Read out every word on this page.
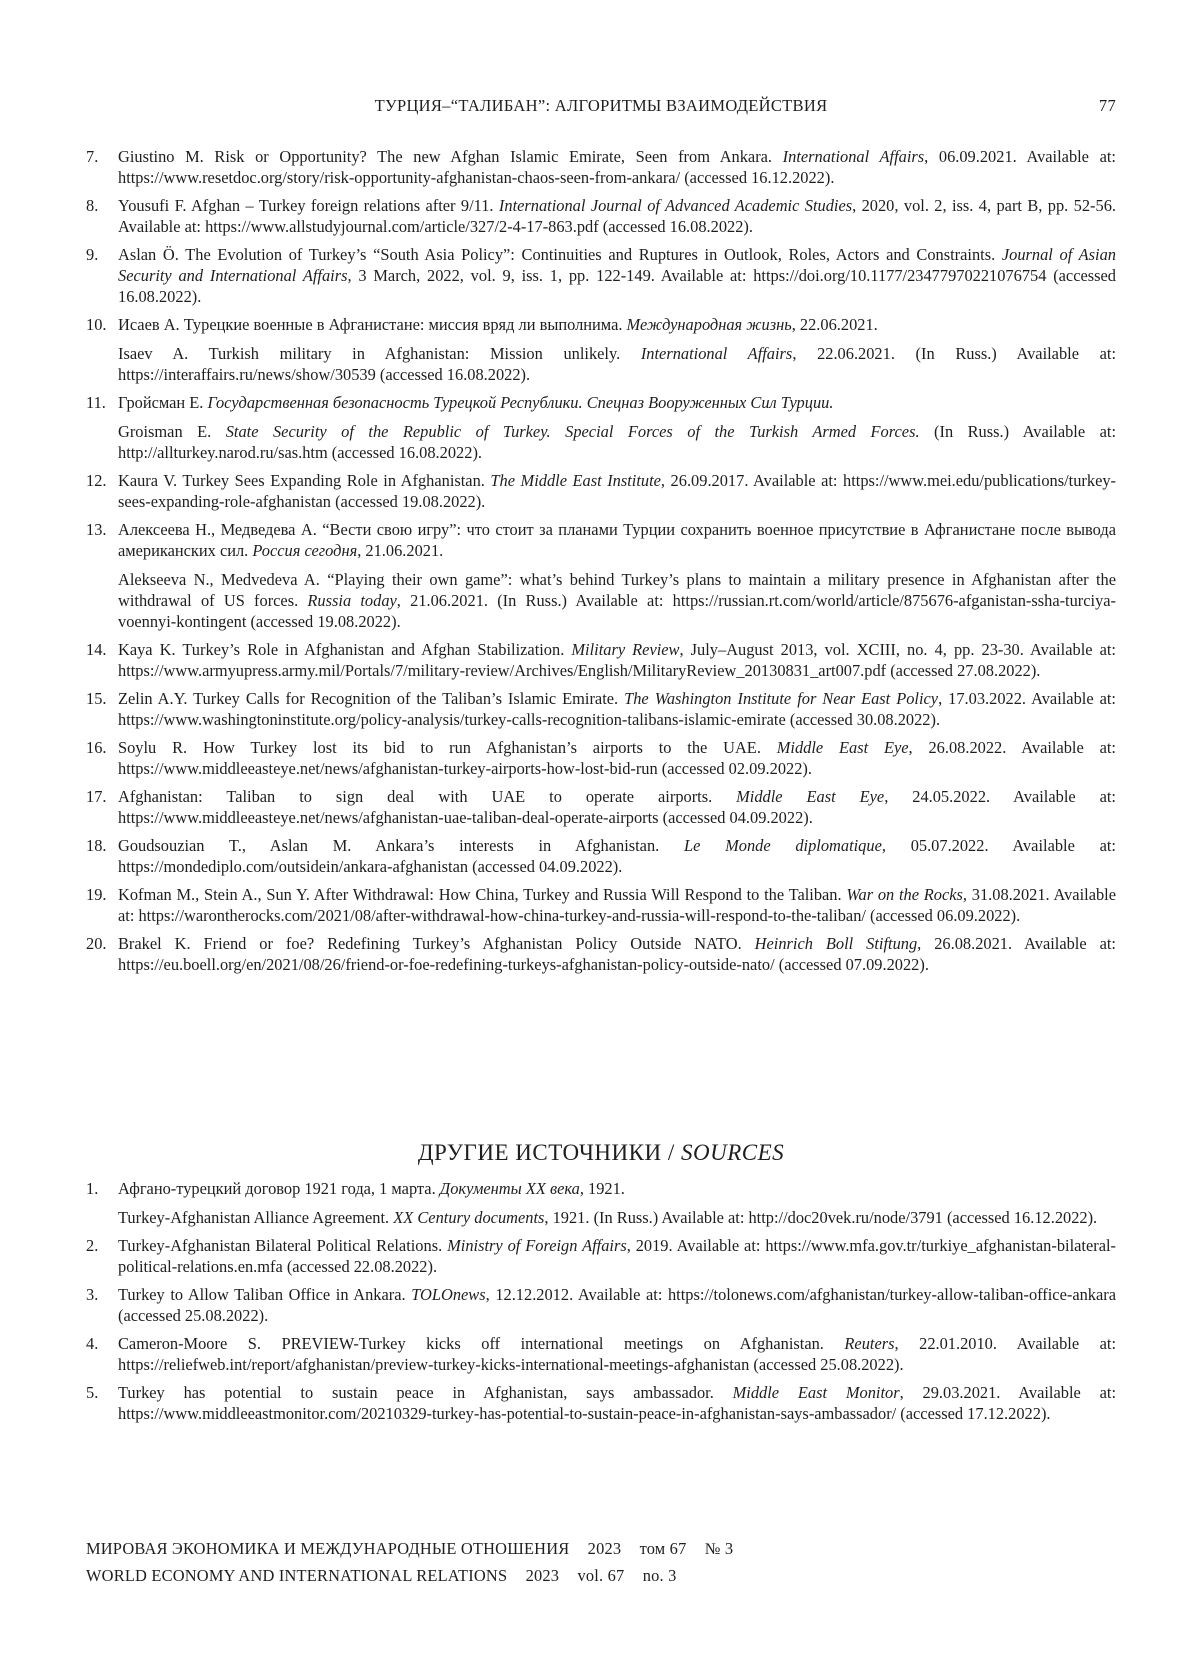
ТУРЦИЯ–“ТАЛИБАН”: АЛГОРИТМЫ ВЗАИМОДЕЙСТВИЯ	77
7. Giustino M. Risk or Opportunity? The new Afghan Islamic Emirate, Seen from Ankara. International Affairs, 06.09.2021. Available at: https://www.resetdoc.org/story/risk-opportunity-afghanistan-chaos-seen-from-ankara/ (accessed 16.12.2022).

8. Yousufi F. Afghan – Turkey foreign relations after 9/11. International Journal of Advanced Academic Studies, 2020, vol. 2, iss. 4, part B, pp. 52-56. Available at: https://www.allstudyjournal.com/article/327/2-4-17-863.pdf (accessed 16.08.2022).

9. Aslan Ö. The Evolution of Turkey’s “South Asia Policy”: Continuities and Ruptures in Outlook, Roles, Actors and Constraints. Journal of Asian Security and International Affairs, 3 March, 2022, vol. 9, iss. 1, pp. 122-149. Available at: https://doi.org/10.1177/23477970221076754 (accessed 16.08.2022).

10. Исаев А. Турецкие военные в Афганистане: миссия вряд ли выполнима. Международная жизнь, 22.06.2021.

Isaev A. Turkish military in Afghanistan: Mission unlikely. International Affairs, 22.06.2021. (In Russ.) Available at: https://interaffairs.ru/news/show/30539 (accessed 16.08.2022).

11. Гройсман Е. Государственная безопасность Турецкой Республики. Спецназ Вооруженных Сил Турции.

Groisman E. State Security of the Republic of Turkey. Special Forces of the Turkish Armed Forces. (In Russ.) Available at: http://allturkey.narod.ru/sas.htm (accessed 16.08.2022).

12. Kaura V. Turkey Sees Expanding Role in Afghanistan. The Middle East Institute, 26.09.2017. Available at: https://www.mei.edu/publications/turkey-sees-expanding-role-afghanistan (accessed 19.08.2022).

13. Алексеева Н., Медведева А. “Вести свою игру”: что стоит за планами Турции сохранить военное присутствие в Афганистане после вывода американских сил. Россия сегодня, 21.06.2021.

Alekseeva N., Medvedeva A. “Playing their own game”: what’s behind Turkey’s plans to maintain a military presence in Afghanistan after the withdrawal of US forces. Russia today, 21.06.2021. (In Russ.) Available at: https://russian.rt.com/world/article/875676-afganistan-ssha-turciya-voennyi-kontingent (accessed 19.08.2022).

14. Kaya K. Turkey’s Role in Afghanistan and Afghan Stabilization. Military Review, July–August 2013, vol. XCIII, no. 4, pp. 23-30. Available at: https://www.armyupress.army.mil/Portals/7/military-review/Archives/English/MilitaryReview_20130831_art007.pdf (accessed 27.08.2022).

15. Zelin A.Y. Turkey Calls for Recognition of the Taliban’s Islamic Emirate. The Washington Institute for Near East Policy, 17.03.2022. Available at: https://www.washingtoninstitute.org/policy-analysis/turkey-calls-recognition-talibans-islamic-emirate (accessed 30.08.2022).

16. Soylu R. How Turkey lost its bid to run Afghanistan’s airports to the UAE. Middle East Eye, 26.08.2022. Available at: https://www.middleeasteye.net/news/afghanistan-turkey-airports-how-lost-bid-run (accessed 02.09.2022).

17. Afghanistan: Taliban to sign deal with UAE to operate airports. Middle East Eye, 24.05.2022. Available at: https://www.middleeasteye.net/news/afghanistan-uae-taliban-deal-operate-airports (accessed 04.09.2022).

18. Goudsouzian T., Aslan M. Ankara’s interests in Afghanistan. Le Monde diplomatique, 05.07.2022. Available at: https://mondediplo.com/outsidein/ankara-afghanistan (accessed 04.09.2022).

19. Kofman M., Stein A., Sun Y. After Withdrawal: How China, Turkey and Russia Will Respond to the Taliban. War on the Rocks, 31.08.2021. Available at: https://warontherocks.com/2021/08/after-withdrawal-how-china-turkey-and-russia-will-respond-to-the-taliban/ (accessed 06.09.2022).

20. Brakel K. Friend or foe? Redefining Turkey’s Afghanistan Policy Outside NATO. Heinrich Boll Stiftung, 26.08.2021. Available at: https://eu.boell.org/en/2021/08/26/friend-or-foe-redefining-turkeys-afghanistan-policy-outside-nato/ (accessed 07.09.2022).

ДРУГИЕ ИСТОЧНИКИ / SOURCES
1. Афгано-турецкий договор 1921 года, 1 марта. Документы XX века, 1921.

Turkey-Afghanistan Alliance Agreement. XX Century documents, 1921. (In Russ.) Available at: http://doc20vek.ru/node/3791 (accessed 16.12.2022).

2. Turkey-Afghanistan Bilateral Political Relations. Ministry of Foreign Affairs, 2019. Available at: https://www.mfa.gov.tr/turkiye_afghanistan-bilateral-political-relations.en.mfa (accessed 22.08.2022).

3. Turkey to Allow Taliban Office in Ankara. TOLOnews, 12.12.2012. Available at: https://tolonews.com/afghanistan/turkey-allow-taliban-office-ankara (accessed 25.08.2022).

4. Cameron-Moore S. PREVIEW-Turkey kicks off international meetings on Afghanistan. Reuters, 22.01.2010. Available at: https://reliefweb.int/report/afghanistan/preview-turkey-kicks-international-meetings-afghanistan (accessed 25.08.2022).

5. Turkey has potential to sustain peace in Afghanistan, says ambassador. Middle East Monitor, 29.03.2021. Available at: https://www.middleeastmonitor.com/20210329-turkey-has-potential-to-sustain-peace-in-afghanistan-says-ambassador/ (accessed 17.12.2022).

МИРОВАЯ ЭКОНОМИКА И МЕЖДУНАРОДНЫЕ ОТНОШЕНИЯ 2023 том 67 № 3
WORLD ECONOMY AND INTERNATIONAL RELATIONS 2023 vol. 67 no. 3
